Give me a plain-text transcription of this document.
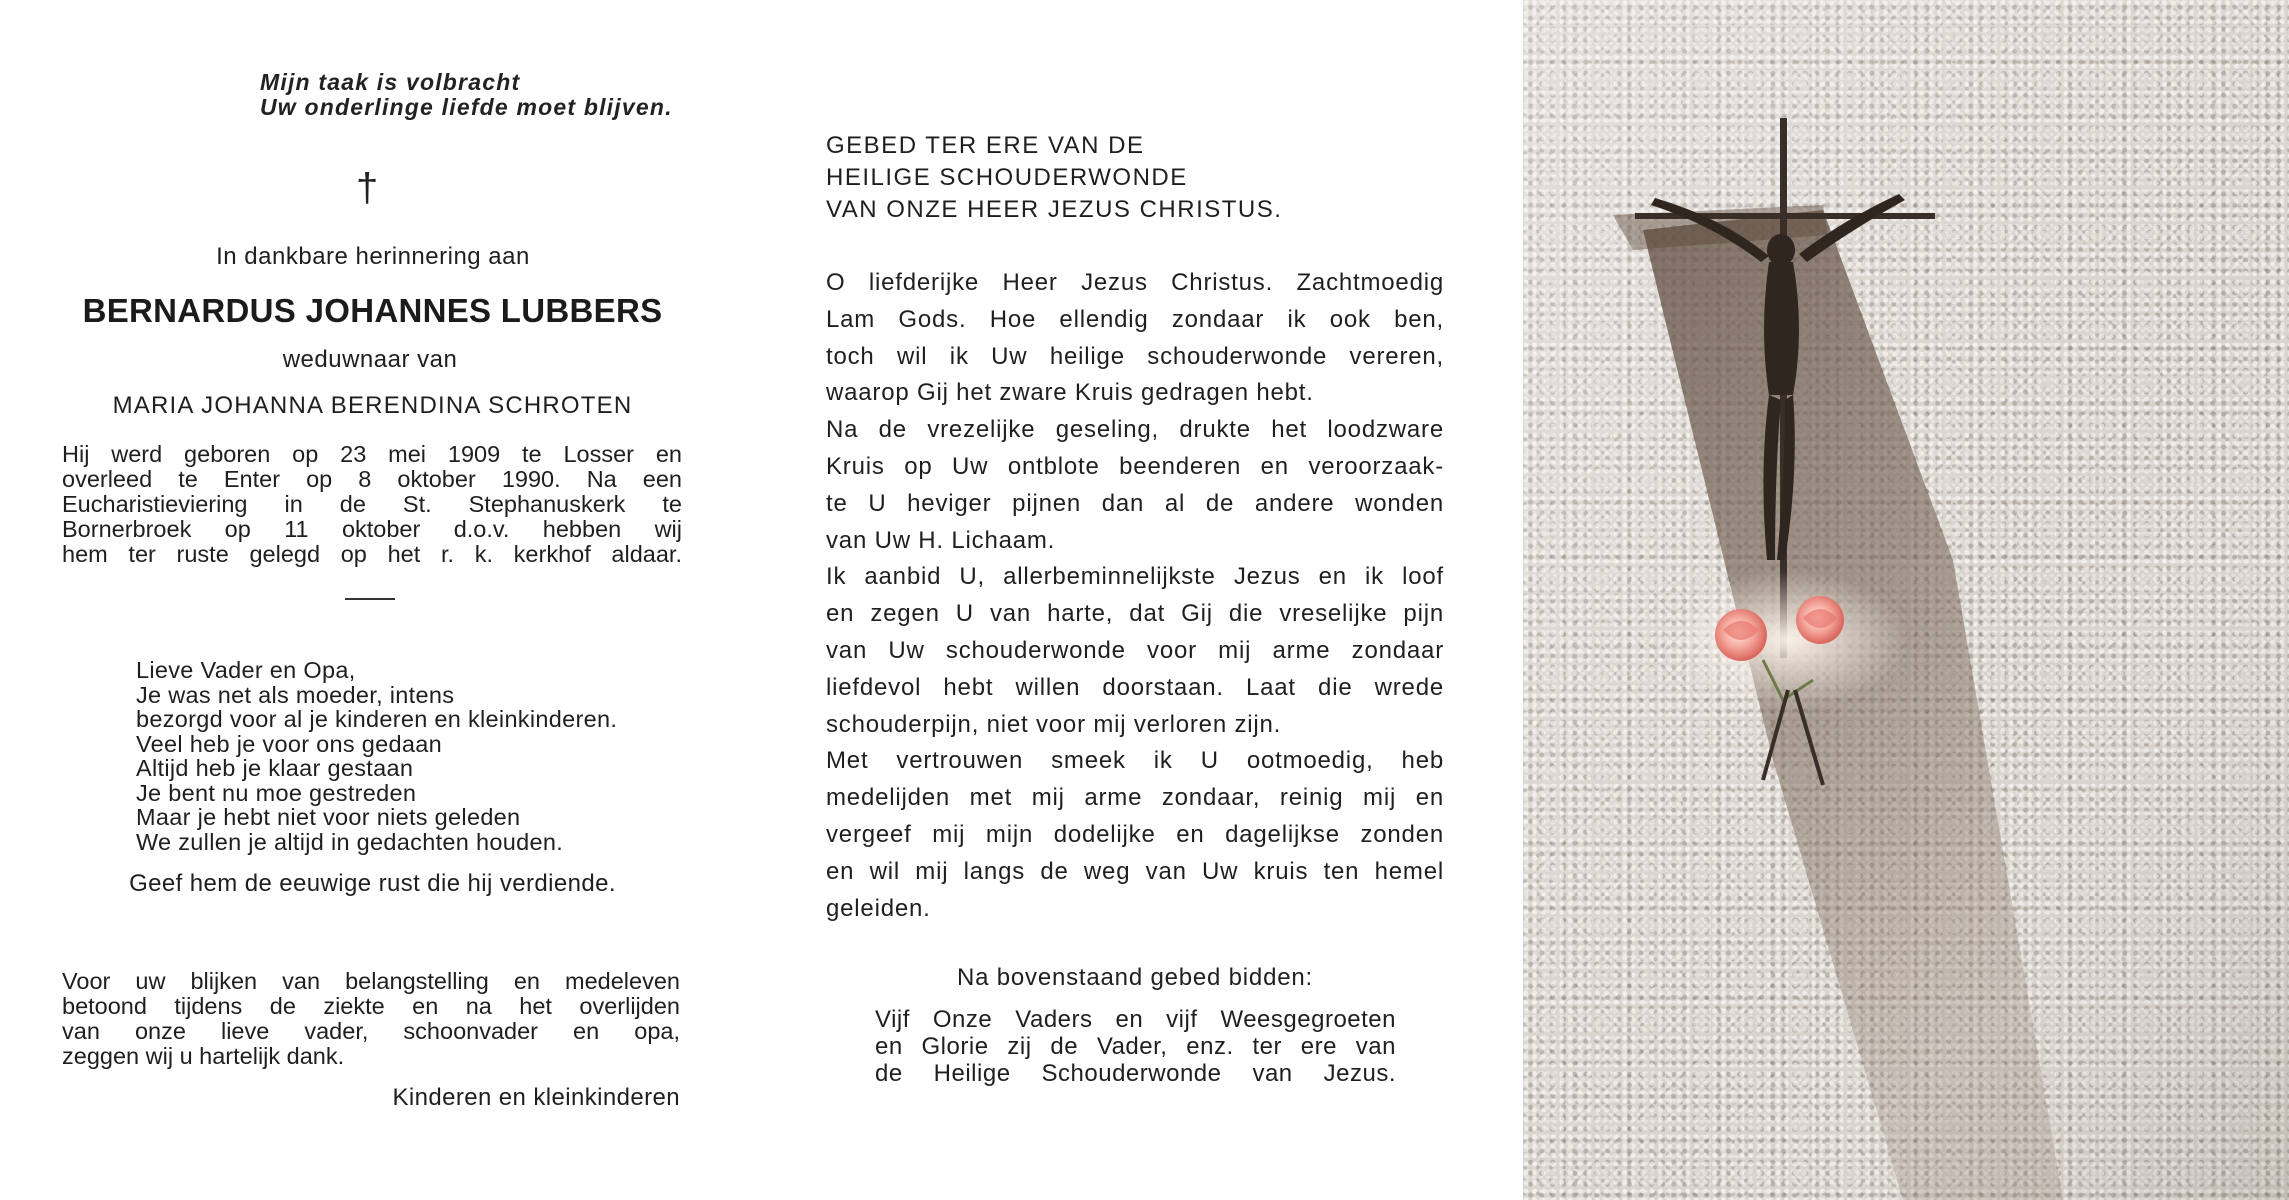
Mijn taak is volbracht
Uw onderlinge liefde moet blijven.
†
In dankbare herinnering aan
BERNARDUS JOHANNES LUBBERS
weduwnaar van
MARIA JOHANNA BERENDINA SCHROTEN
Hij werd geboren op 23 mei 1909 te Losser en
overleed te Enter op 8 oktober 1990. Na een
Eucharistieviering in de St. Stephanuskerk te
Bornerbroek op 11 oktober d.o.v. hebben wij
hem ter ruste gelegd op het r. k. kerkhof aldaar.
Lieve Vader en Opa,
Je was net als moeder, intens
bezorgd voor al je kinderen en kleinkinderen.
Veel heb je voor ons gedaan
Altijd heb je klaar gestaan
Je bent nu moe gestreden
Maar je hebt niet voor niets geleden
We zullen je altijd in gedachten houden.
Geef hem de eeuwige rust die hij verdiende.
Voor uw blijken van belangstelling en medeleven
betoond tijdens de ziekte en na het overlijden
van onze lieve vader, schoonvader en opa,
zeggen wij u hartelijk dank.
Kinderen en kleinkinderen
GEBED TER ERE VAN DE
HEILIGE SCHOUDERWONDE
VAN ONZE HEER JEZUS CHRISTUS.
O liefderijke Heer Jezus Christus. Zachtmoedig
Lam Gods. Hoe ellendig zondaar ik ook ben,
toch wil ik Uw heilige schouderwonde vereren,
waarop Gij het zware Kruis gedragen hebt.
Na de vrezelijke geseling, drukte het loodzware
Kruis op Uw ontblote beenderen en veroorzaak-
te U heviger pijnen dan al de andere wonden
van Uw H. Lichaam.
Ik aanbid U, allerbeminnelijkste Jezus en ik loof
en zegen U van harte, dat Gij die vreselijke pijn
van Uw schouderwonde voor mij arme zondaar
liefdevol hebt willen doorstaan. Laat die wrede
schouderpijn, niet voor mij verloren zijn.
Met vertrouwen smeek ik U ootmoedig, heb
medelijden met mij arme zondaar, reinig mij en
vergeef mij mijn dodelijke en dagelijkse zonden
en wil mij langs de weg van Uw kruis ten hemel
geleiden.
Na bovenstaand gebed bidden:
Vijf Onze Vaders en vijf Weesgegroeten
en Glorie zij de Vader, enz. ter ere van
de Heilige Schouderwonde van Jezus.
